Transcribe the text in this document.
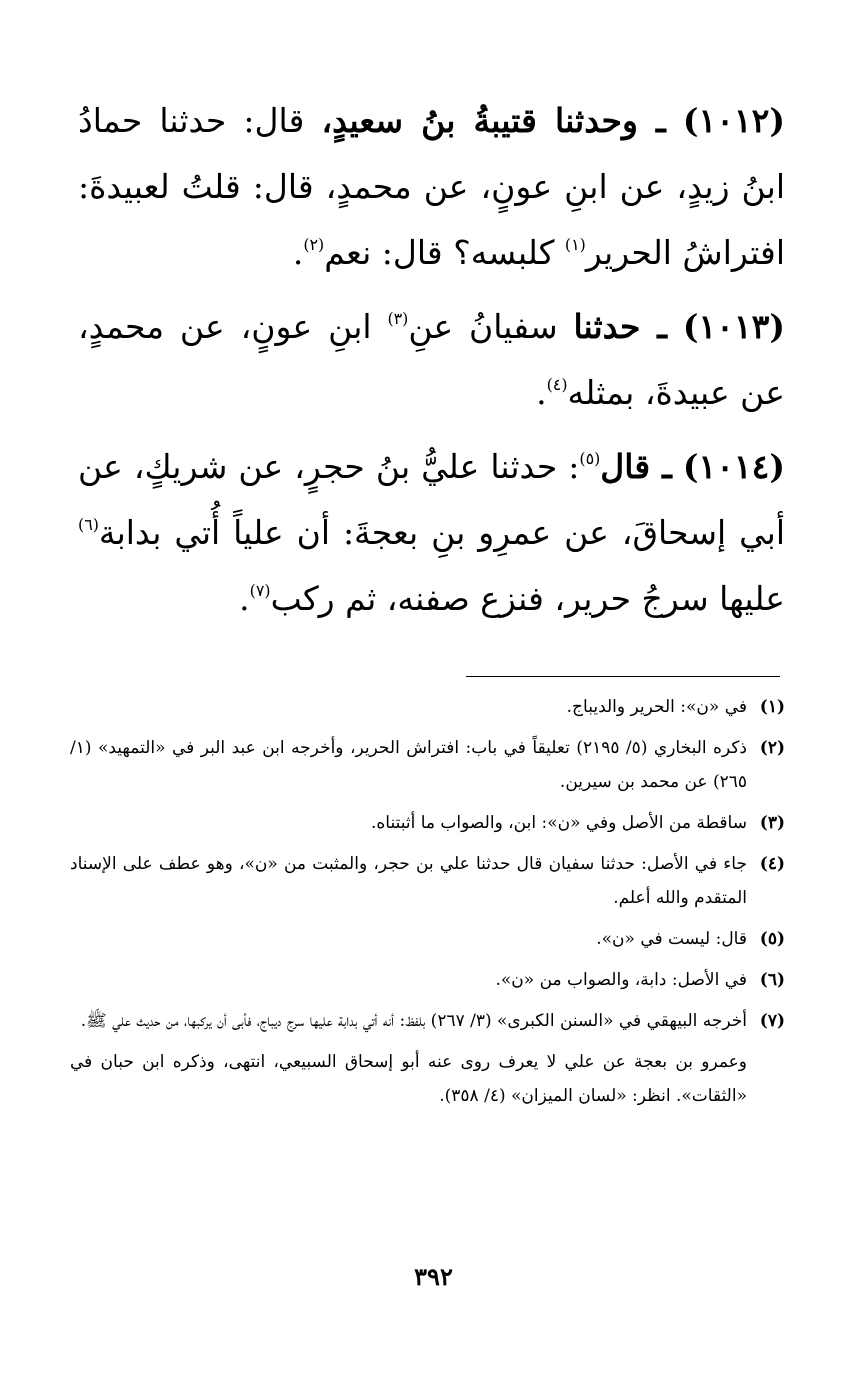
(١٠١٢) ـ وحدثنا قتيبةُ بنُ سعيدٍ، قال: حدثنا حمادُ ابنُ زيدٍ، عن ابنِ عونٍ، عن محمدٍ، قال: قلتُ لعبيدةَ: افتراشُ الحرير$^{(١)}$ كلبسه؟ قال: نعم$^{(٢)}$.

(١٠١٣) ـ حدثنا سفيانُ عنِ$^{(٣)}$ ابنِ عونٍ، عن محمدٍ، عن عبيدةَ، بمثله$^{(٤)}$.

(١٠١٤) ـ قال$^{(٥)}$: حدثنا عليُّ بنُ حجرٍ، عن شريكٍ، عن أبي إسحاقَ، عن عمرِو بنِ بعجةَ: أن علياً أُتي بدابة$^{(٦)}$ عليها سرجُ حرير، فنزع صفنه، ثم ركب$^{(٧)}$.

(١)
في «ن»: الحرير والديباج.
(٢)
ذكره البخاري (٥/ ٢١٩٥) تعليقاً في باب: افتراش الحرير، وأخرجه ابن عبد البر في «التمهيد» (١/ ٢٦٥) عن محمد بن سيرين.
(٣)
ساقطة من الأصل وفي «ن»: ابن، والصواب ما أثبتناه.
(٤)
جاء في الأصل: حدثنا سفيان قال حدثنا علي بن حجر، والمثبت من «ن»، وهو عطف على الإسناد المتقدم والله أعلم.
(٥)
قال: ليست في «ن».
(٦)
في الأصل: دابة، والصواب من «ن».
(٧)
أخرجه البيهقي في «السنن الكبرى» (٣/ ٢٦٧) بلفظ: أنه أتي بدابة عليها سرج ديباج، فأبى أن يركبها، من حديث علي ﷺ.
وعمرو بن بعجة عن علي لا يعرف روى عنه أبو إسحاق السبيعي، انتهى، وذكره ابن حبان في «الثقات». انظر: «لسان الميزان» (٤/ ٣٥٨).
٣٩٢
